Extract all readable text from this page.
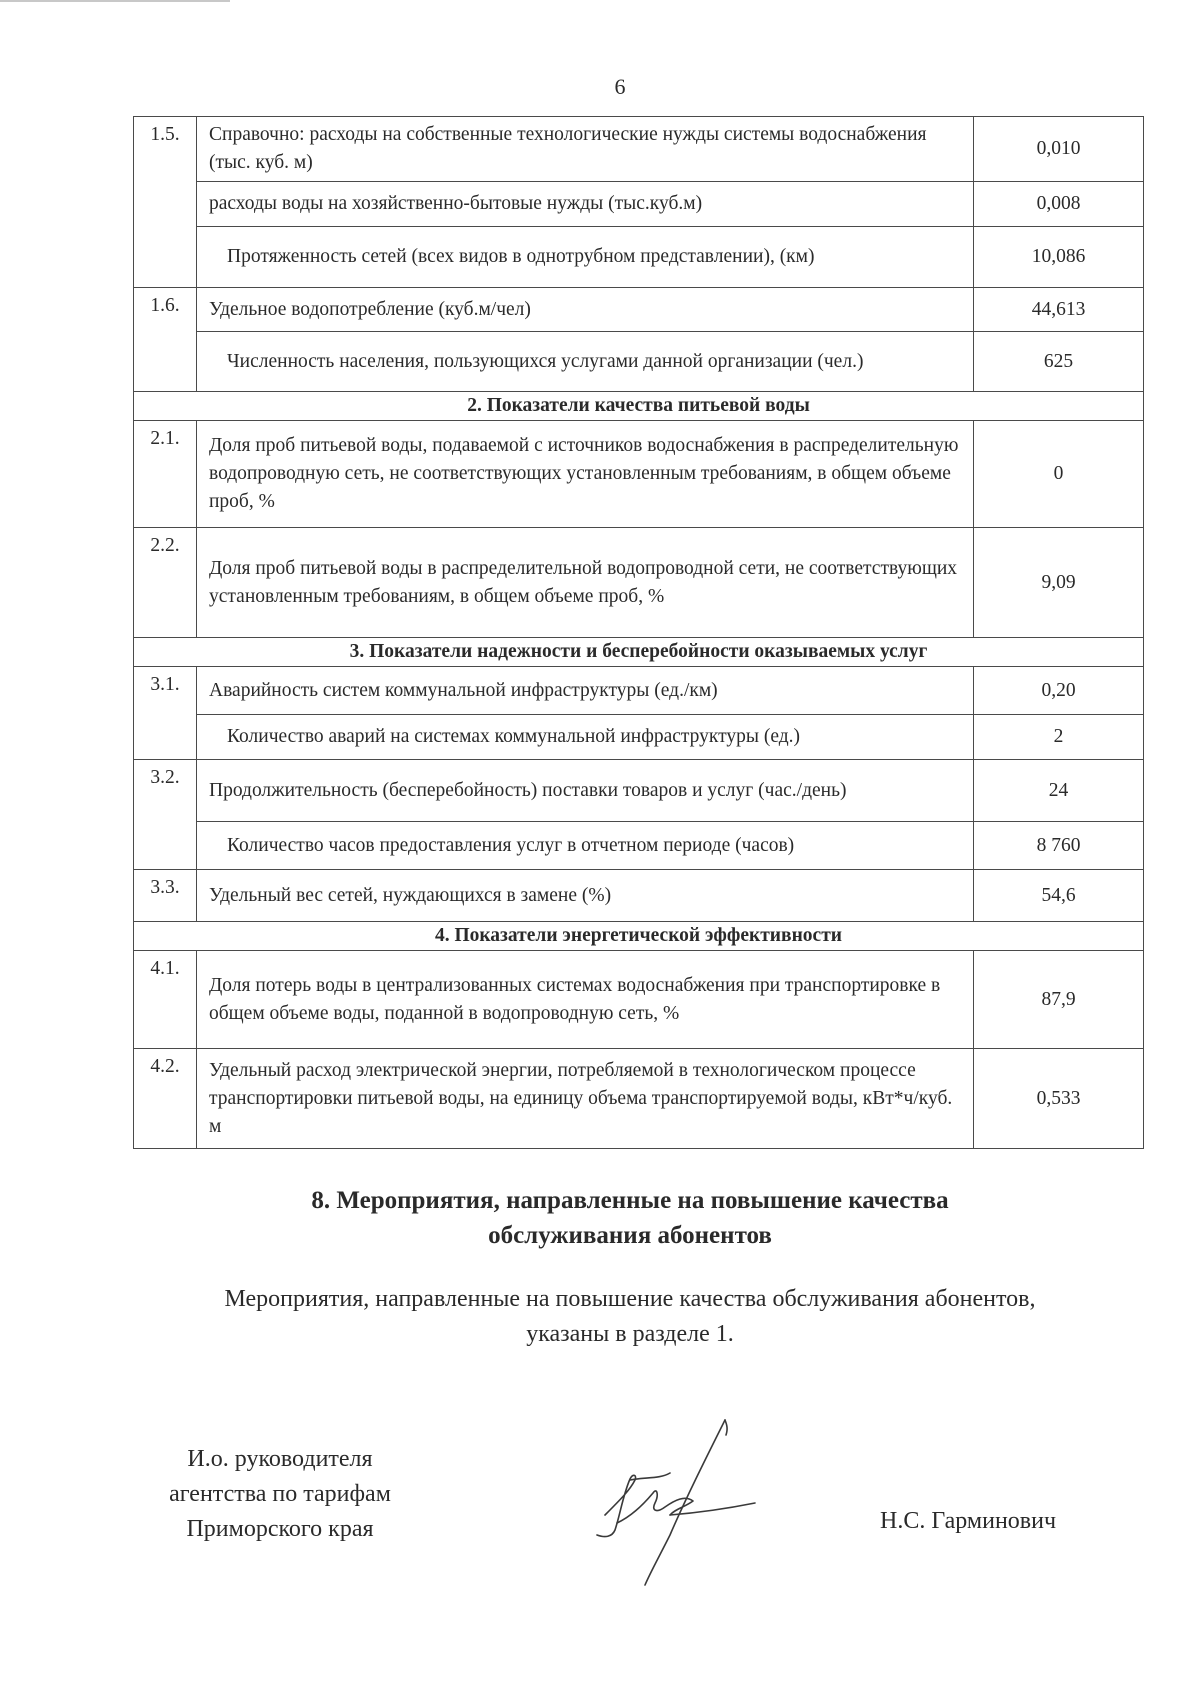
6
1.5.	Справочно: расходы на собственные технологические нужды системы водоснабжения (тыс. куб. м)	0,010
	расходы воды на хозяйственно-бытовые нужды (тыс.куб.м)	0,008
	Протяженность сетей (всех видов в однотрубном представлении), (км)	10,086
1.6.	Удельное водопотребление (куб.м/чел)	44,613
	Численность населения, пользующихся услугами данной организации (чел.)	625
2. Показатели качества питьевой воды		
2.1.	Доля проб питьевой воды, подаваемой с источников водоснабжения в распределительную водопроводную сеть, не соответствующих установленным требованиям, в общем объеме проб, %	0
2.2.	Доля проб питьевой воды в распределительной водопроводной сети, не соответствующих установленным требованиям, в общем объеме проб, %	9,09
3. Показатели надежности и бесперебойности оказываемых услуг		
3.1.	Аварийность систем коммунальной инфраструктуры (ед./км)	0,20
	Количество аварий на системах коммунальной инфраструктуры (ед.)	2
3.2.	Продолжительность (бесперебойность) поставки товаров и услуг (час./день)	24
	Количество часов предоставления услуг в отчетном периоде (часов)	8 760
3.3.	Удельный вес сетей, нуждающихся в замене (%)	54,6
4. Показатели энергетической эффективности		
4.1.	Доля потерь воды в централизованных системах водоснабжения при транспортировке в общем объеме воды, поданной в водопроводную сеть, %	87,9
4.2.	Удельный расход электрической энергии, потребляемой в технологическом процессе транспортировки питьевой воды, на единицу объема транспортируемой воды, кВт*ч/куб. м	0,533
8. Мероприятия, направленные на повышение качества
обслуживания абонентов
Мероприятия, направленные на повышение качества обслуживания абонентов,
указаны в разделе 1.
И.о. руководителя
агентства по тарифам
Приморского края	Н.С. Гарминович
